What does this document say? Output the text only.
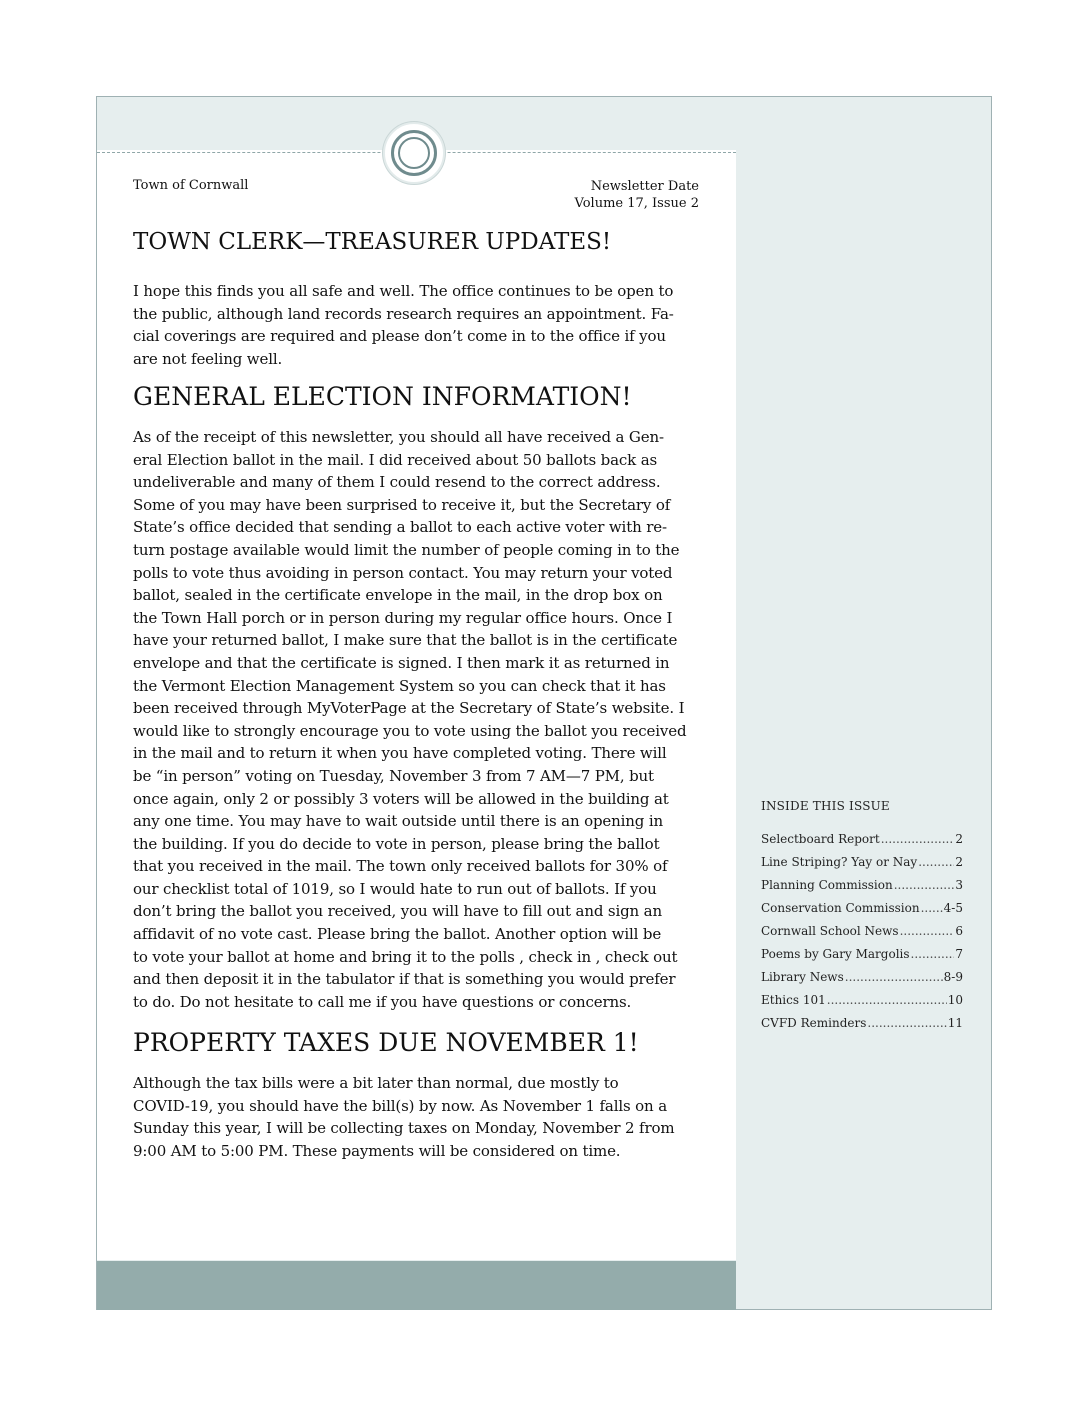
Town of Cornwall	Newsletter Date
Volume 17, Issue 2
TOWN CLERK—TREASURER UPDATES!
I hope this finds you all safe and well. The office continues to be open to
the public, although land records research requires an appointment. Fa-
cial coverings are required and please don’t come in to the office if you
are not feeling well.
GENERAL ELECTION INFORMATION!
As of the receipt of this newsletter, you should all have received a Gen-
eral Election ballot in the mail. I did received about 50 ballots back as
undeliverable and many of them I could resend to the correct address.
Some of you may have been surprised to receive it, but the Secretary of
State’s office decided that sending a ballot to each active voter with re-
turn postage available would limit the number of people coming in to the
polls to vote thus avoiding in person contact. You may return your voted
ballot, sealed in the certificate envelope in the mail, in the drop box on
the Town Hall porch or in person during my regular office hours. Once I
have your returned ballot, I make sure that the ballot is in the certificate
envelope and that the certificate is signed. I then mark it as returned in
the Vermont Election Management System so you can check that it has
been received through MyVoterPage at the Secretary of State’s website. I
would like to strongly encourage you to vote using the ballot you received
in the mail and to return it when you have completed voting. There will
be “in person” voting on Tuesday, November 3 from 7 AM—7 PM, but
once again, only 2 or possibly 3 voters will be allowed in the building at
any one time. You may have to wait outside until there is an opening in
the building. If you do decide to vote in person, please bring the ballot
that you received in the mail. The town only received ballots for 30% of
our checklist total of 1019, so I would hate to run out of ballots. If you
don’t bring the ballot you received, you will have to fill out and sign an
affidavit of no vote cast. Please bring the ballot. Another option will be
to vote your ballot at home and bring it to the polls , check in , check out
and then deposit it in the tabulator if that is something you would prefer
to do. Do not hesitate to call me if you have questions or concerns.
PROPERTY TAXES DUE NOVEMBER 1!
Although the tax bills were a bit later than normal, due mostly to
COVID-19, you should have the bill(s) by now. As November 1 falls on a
Sunday this year, I will be collecting taxes on Monday, November 2 from
9:00 AM to 5:00 PM. These payments will be considered on time.
INSIDE THIS ISSUE
Selectboard Report .....	2
Line Striping? Yay or Nay .....	2
Planning Commission .....	3
Conservation Commission ..... 4-5
Cornwall School News .....	6
Poems by Gary Margolis .....	7
Library News .....	8-9
Ethics 101 .....	10
CVFD Reminders .....	11
